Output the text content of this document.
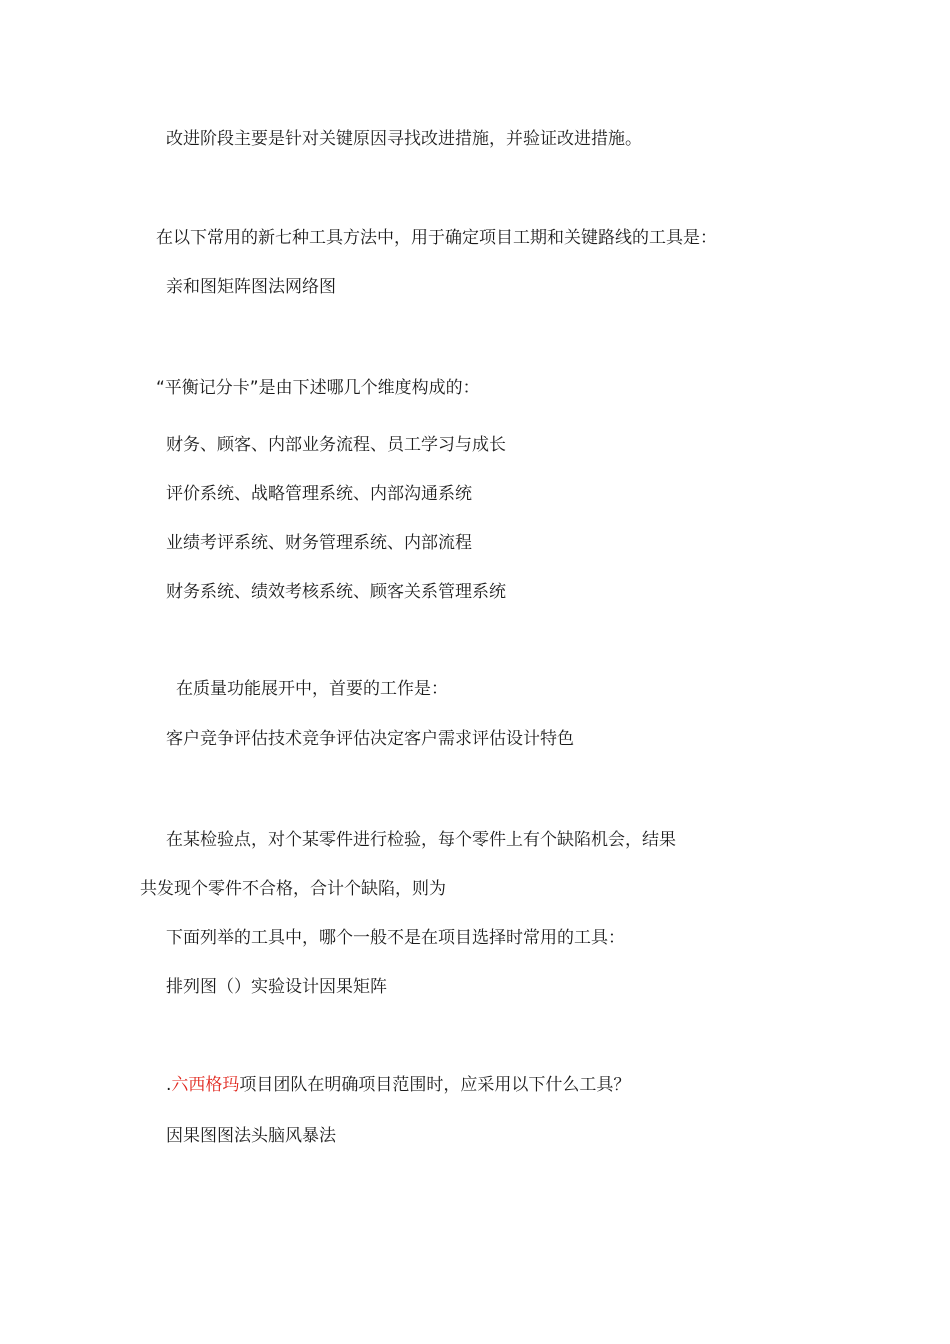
改进阶段主要是针对关键原因寻找改进措施，并验证改进措施。
在以下常用的新七种工具方法中，用于确定项目工期和关键路线的工具是：
亲和图矩阵图法网络图
“平衡记分卡”是由下述哪几个维度构成的：
财务、顾客、内部业务流程、员工学习与成长
评价系统、战略管理系统、内部沟通系统
业绩考评系统、财务管理系统、内部流程
财务系统、绩效考核系统、顾客关系管理系统
在质量功能展开中，首要的工作是：
客户竞争评估技术竞争评估决定客户需求评估设计特色
在某检验点，对个某零件进行检验，每个零件上有个缺陷机会，结果
共发现个零件不合格，合计个缺陷，则为
下面列举的工具中，哪个一般不是在项目选择时常用的工具：
排列图（）实验设计因果矩阵
.六西格玛项目团队在明确项目范围时，应采用以下什么工具？
因果图图法头脑风暴法
